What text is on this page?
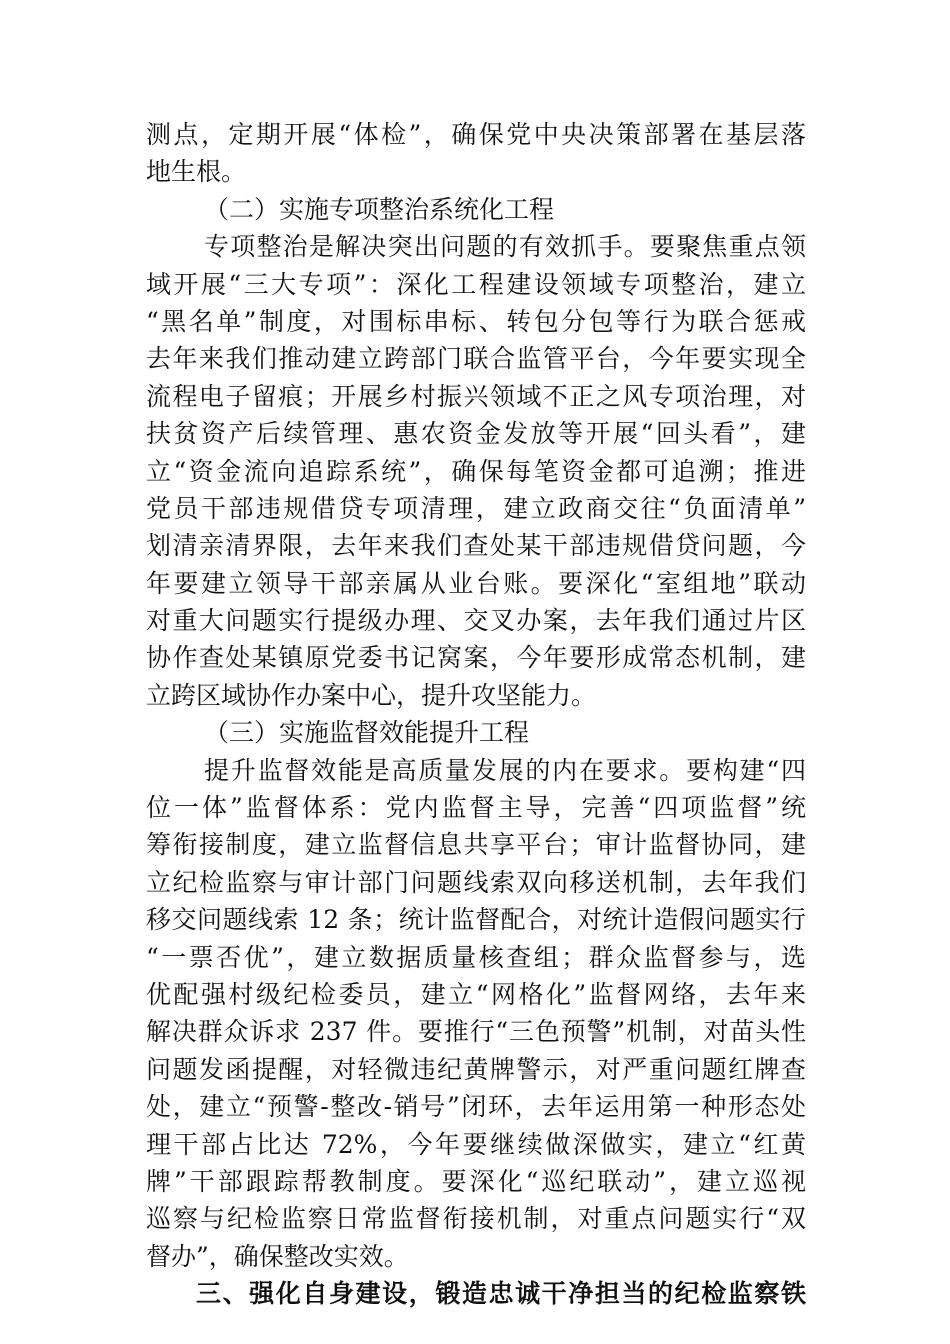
测点，定期开展“体检”，确保党中央决策部署在基层落
地生根。
（二）实施专项整治系统化工程
专项整治是解决突出问题的有效抓手。要聚焦重点领
域开展“三大专项”：深化工程建设领域专项整治，建立
“黑名单”制度，对围标串标、转包分包等行为联合惩戒
去年来我们推动建立跨部门联合监管平台，今年要实现全
流程电子留痕；开展乡村振兴领域不正之风专项治理，对
扶贫资产后续管理、惠农资金发放等开展“回头看”，建
立“资金流向追踪系统”，确保每笔资金都可追溯；推进
党员干部违规借贷专项清理，建立政商交往“负面清单”
划清亲清界限，去年来我们查处某干部违规借贷问题，今
年要建立领导干部亲属从业台账。要深化“室组地”联动
对重大问题实行提级办理、交叉办案，去年我们通过片区
协作查处某镇原党委书记窝案，今年要形成常态机制，建
立跨区域协作办案中心，提升攻坚能力。
（三）实施监督效能提升工程
提升监督效能是高质量发展的内在要求。要构建“四
位一体”监督体系：党内监督主导，完善“四项监督”统
筹衔接制度，建立监督信息共享平台；审计监督协同，建
立纪检监察与审计部门问题线索双向移送机制，去年我们
移交问题线索 12 条；统计监督配合，对统计造假问题实行
“一票否优”，建立数据质量核查组；群众监督参与，选
优配强村级纪检委员，建立“网格化”监督网络，去年来
解决群众诉求 237 件。要推行“三色预警”机制，对苗头性
问题发函提醒，对轻微违纪黄牌警示，对严重问题红牌查
处，建立“预警-整改-销号”闭环，去年运用第一种形态处
理干部占比达 72%，今年要继续做深做实，建立“红黄
牌”干部跟踪帮教制度。要深化“巡纪联动”，建立巡视
巡察与纪检监察日常监督衔接机制，对重点问题实行“双
督办”，确保整改实效。
三、强化自身建设，锻造忠诚干净担当的纪检监察铁
